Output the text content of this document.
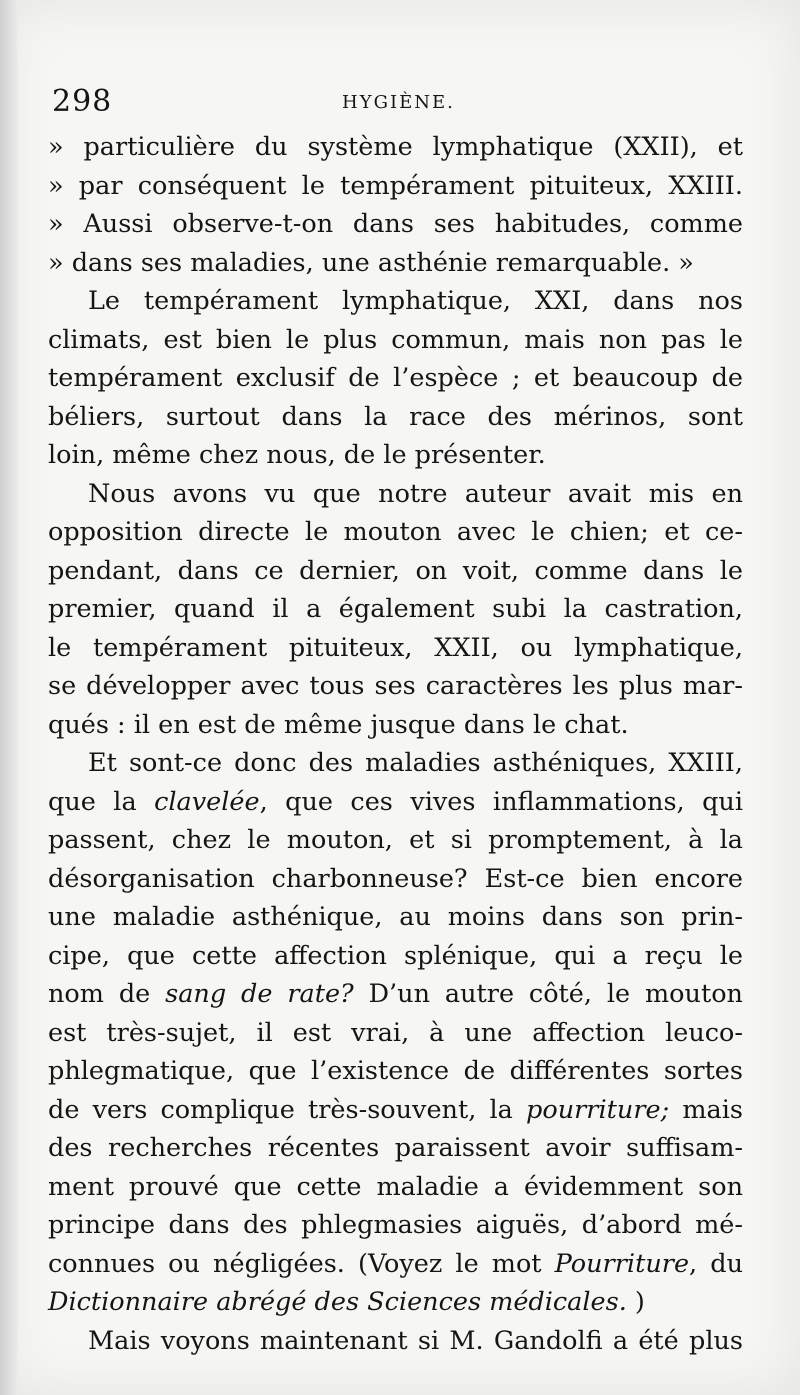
298	HYGIÈNE.

» particulière du système lymphatique (XXII), et
» par conséquent le tempérament pituiteux, XXIII.
» Aussi observe-t-on dans ses habitudes, comme
» dans ses maladies, une asthénie remarquable. »

Le tempérament lymphatique, XXI, dans nos
climats, est bien le plus commun, mais non pas le
tempérament exclusif de l’espèce ; et beaucoup de
béliers, surtout dans la race des mérinos, sont
loin, même chez nous, de le présenter.

Nous avons vu que notre auteur avait mis en
opposition directe le mouton avec le chien; et ce-
pendant, dans ce dernier, on voit, comme dans le
premier, quand il a également subi la castration,
le tempérament pituiteux, XXII, ou lymphatique,
se développer avec tous ses caractères les plus mar-
qués : il en est de même jusque dans le chat.

Et sont-ce donc des maladies asthéniques, XXIII,
que la clavelée, que ces vives inflammations, qui
passent, chez le mouton, et si promptement, à la
désorganisation charbonneuse? Est-ce bien encore
une maladie asthénique, au moins dans son prin-
cipe, que cette affection splénique, qui a reçu le
nom de sang de rate? D’un autre côté, le mouton
est très-sujet, il est vrai, à une affection leuco-
phlegmatique, que l’existence de différentes sortes
de vers complique très-souvent, la pourriture; mais
des recherches récentes paraissent avoir suffisam-
ment prouvé que cette maladie a évidemment son
principe dans des phlegmasies aiguës, d’abord mé-
connues ou négligées. (Voyez le mot Pourriture, du
Dictionnaire abrégé des Sciences médicales. )

Mais voyons maintenant si M. Gandolfi a été plus
